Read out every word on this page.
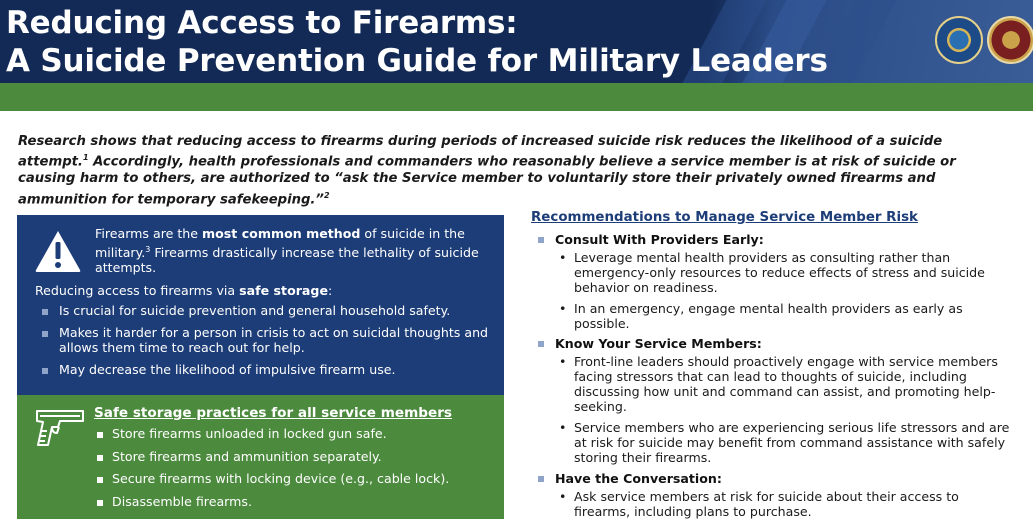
Reducing Access to Firearms:
A Suicide Prevention Guide for Military Leaders

Research shows that reducing access to firearms during periods of increased suicide risk reduces the likelihood of a suicide attempt.$^1$ Accordingly, health professionals and commanders who reasonably believe a service member is at risk of suicide or causing harm to others, are authorized to “ask the Service member to voluntarily store their privately owned firearms and ammunition for temporary safekeeping.”$^2$

Firearms are the most common method of suicide in the military.$^3$ Firearms drastically increase the lethality of suicide attempts.

Reducing access to firearms via safe storage:

Is crucial for suicide prevention and general household safety.
Makes it harder for a person in crisis to act on suicidal thoughts and allows them time to reach out for help.
May decrease the likelihood of impulsive firearm use.

Safe storage practices for all service members

Store firearms unloaded in locked gun safe.
Store firearms and ammunition separately.
Secure firearms with locking device (e.g., cable lock).
Disassemble firearms.

Recommendations to Manage Service Member Risk

Consult With Providers Early:

• Leverage mental health providers as consulting rather than emergency-only resources to reduce effects of stress and suicide behavior on readiness.
• In an emergency, engage mental health providers as early as possible.

Know Your Service Members:

• Front-line leaders should proactively engage with service members facing stressors that can lead to thoughts of suicide, including discussing how unit and command can assist, and promoting help-seeking.
• Service members who are experiencing serious life stressors and are at risk for suicide may benefit from command assistance with safely storing their firearms.

Have the Conversation:

• Ask service members at risk for suicide about their access to firearms, including plans to purchase.
